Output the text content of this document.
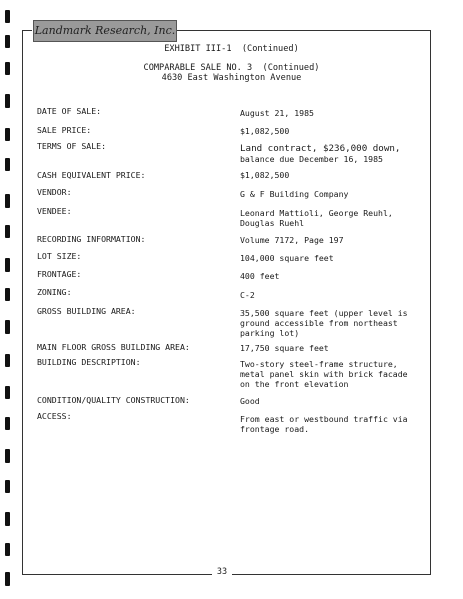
Landmark Research, Inc.
EXHIBIT III-1  (Continued)
COMPARABLE SALE NO. 3  (Continued)
4630 East Washington Avenue
DATE OF SALE:	August 21, 1985
SALE PRICE:	$1,082,500
TERMS OF SALE:	Land contract, $236,000 down,
balance due December 16, 1985
CASH EQUIVALENT PRICE:	$1,082,500
VENDOR:	G & F Building Company
VENDEE:	Leonard Mattioli, George Reuhl,
Douglas Ruehl
RECORDING INFORMATION:	Volume 7172, Page 197
LOT SIZE:	104,000 square feet
FRONTAGE:	400 feet
ZONING:	C-2
GROSS BUILDING AREA:	35,500 square feet (upper level is
ground accessible from northeast
parking lot)
MAIN FLOOR GROSS BUILDING AREA:	17,750 square feet
BUILDING DESCRIPTION:	Two-story steel-frame structure,
metal panel skin with brick facade
on the front elevation
CONDITION/QUALITY CONSTRUCTION:	Good
ACCESS:	From east or westbound traffic via
frontage road.
33
